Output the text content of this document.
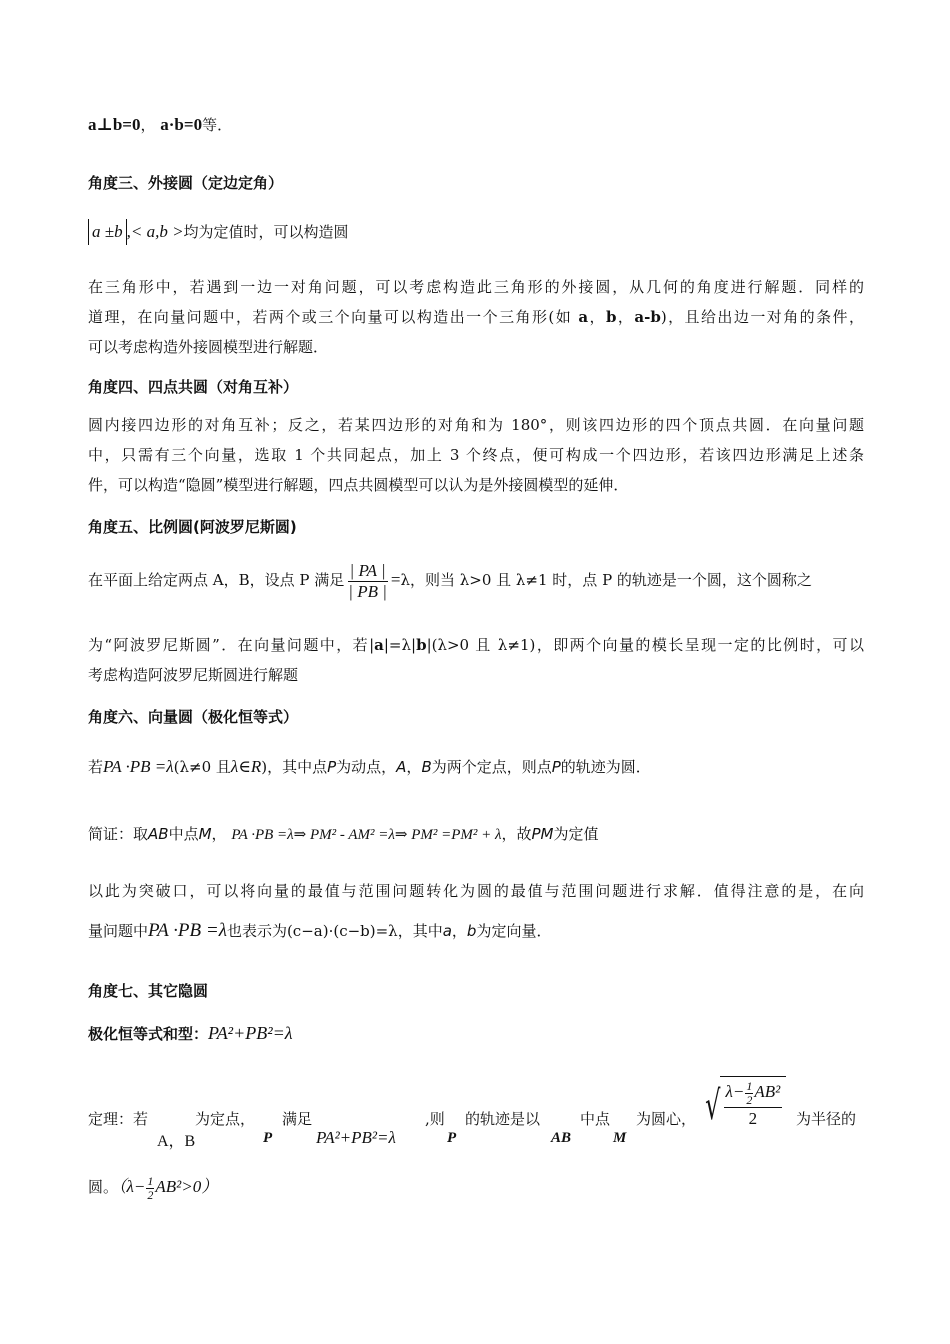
a⊥b=0， a·b=0等．
角度三、外接圆（定边定角）
a ±b ,< a,b >均为定值时，可以构造圆
在三角形中，若遇到一边一对角问题，可以考虑构造此三角形的外接圆，从几何的角度进行解题．同样的
道理，在向量问题中，若两个或三个向量可以构造出一个三角形(如 a，b，a-b)，且给出边一对角的条件，
可以考虑构造外接圆模型进行解题．
角度四、四点共圆（对角互补）
圆内接四边形的对角互补；反之，若某四边形的对角和为 180°，则该四边形的四个顶点共圆．在向量问题
中，只需有三个向量，选取 1 个共同起点，加上 3 个终点，便可构成一个四边形，若该四边形满足上述条
件，可以构造“隐圆”模型进行解题，四点共圆模型可以认为是外接圆模型的延伸．
角度五、比例圆(阿波罗尼斯圆)
在平面上给定两点 A，B，设点 P 满足 $\frac{| PA |}{| PB |} =\lambda$，则当 λ>0 且 λ≠1 时，点 P 的轨迹是一个圆，这个圆称之
为“阿波罗尼斯圆”．在向量问题中，若|a|=λ|b|(λ>0 且 λ≠1)，即两个向量的模长呈现一定的比例时，可以
考虑构造阿波罗尼斯圆进行解题
角度六、向量圆（极化恒等式）
若PA ·PB =λ(λ≠0 且λ∈R)，其中点P为动点，A，B为两个定点，则点P的轨迹为圆．
简证：取AB中点M， PA ·PB =λ⇒ PM² - AM² =λ⇒ PM² =PM² + λ，故PM为定值
以此为突破口，可以将向量的最值与范围问题转化为圆的最值与范围问题进行求解．值得注意的是，在向
量问题中PA ·PB =λ也表示为(c−a)·(c−b)=λ，其中a，b为定向量．
角度七、其它隐圆
极化恒等式和型：PA²+PB²=λ
定理：若
A，B
为定点，
P
满足
PA²+PB²=λ
,则
P
的轨迹是以
AB
中点
M
为圆心， √ $\frac{\lambda- \frac{1}{2} AB^2}{2}$ 为半径的
圆。$(\lambda- \frac{1}{2} AB^2>0)$
